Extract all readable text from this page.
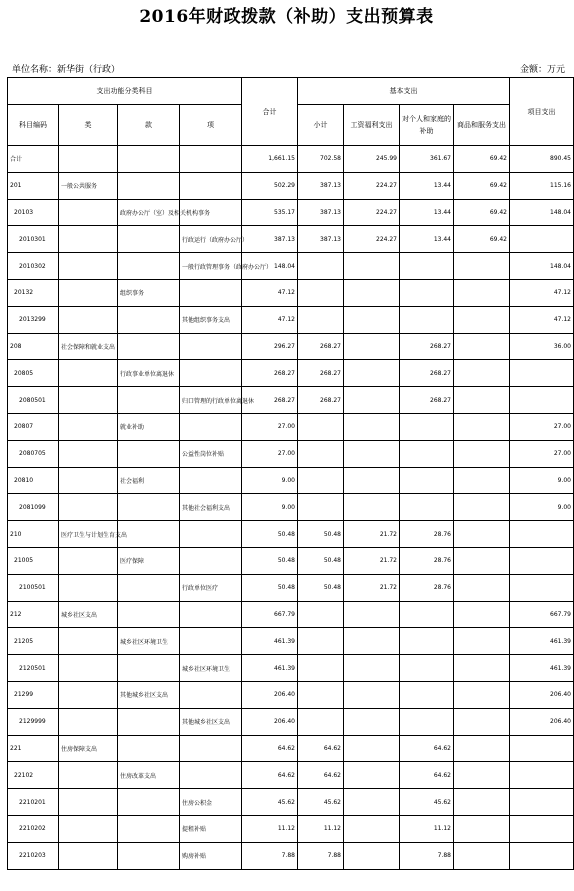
2016年财政拨款（补助）支出预算表
单位名称：新华街（行政）	金额：万元
支出功能分类科目				合计	基本支出				项目支出
科目编码	类	款	项		小计	工资福利支出	对个人和家庭的补助	商品和服务支出	
合计				1,661.15	702.58	245.99	361.67	69.42	890.45
201	一般公共服务			502.29	387.13	224.27	13.44	69.42	115.16
20103		政府办公厅（室）及相关机构事务		535.17	387.13	224.27	13.44	69.42	148.04
2010301			行政运行（政府办公厅）	387.13	387.13	224.27	13.44	69.42	
2010302			一般行政管理事务（政府办公厅）	148.04					148.04
20132		组织事务		47.12					47.12
2013299			其他组织事务支出	47.12					47.12
208	社会保障和就业支出			296.27	268.27		268.27		36.00
20805		行政事业单位离退休		268.27	268.27		268.27		
2080501			归口管理的行政单位离退休	268.27	268.27		268.27		
20807		就业补助		27.00					27.00
2080705			公益性岗位补贴	27.00					27.00
20810		社会福利		9.00					9.00
2081099			其他社会福利支出	9.00					9.00
210	医疗卫生与计划生育支出			50.48	50.48	21.72	28.76		
21005		医疗保障		50.48	50.48	21.72	28.76		
2100501			行政单位医疗	50.48	50.48	21.72	28.76		
212	城乡社区支出			667.79					667.79
21205		城乡社区环境卫生		461.39					461.39
2120501			城乡社区环境卫生	461.39					461.39
21299		其他城乡社区支出		206.40					206.40
2129999			其他城乡社区支出	206.40					206.40
221	住房保障支出			64.62	64.62		64.62		
22102		住房改革支出		64.62	64.62		64.62		
2210201			住房公积金	45.62	45.62		45.62		
2210202			提租补贴	11.12	11.12		11.12		
2210203			购房补贴	7.88	7.88		7.88		
